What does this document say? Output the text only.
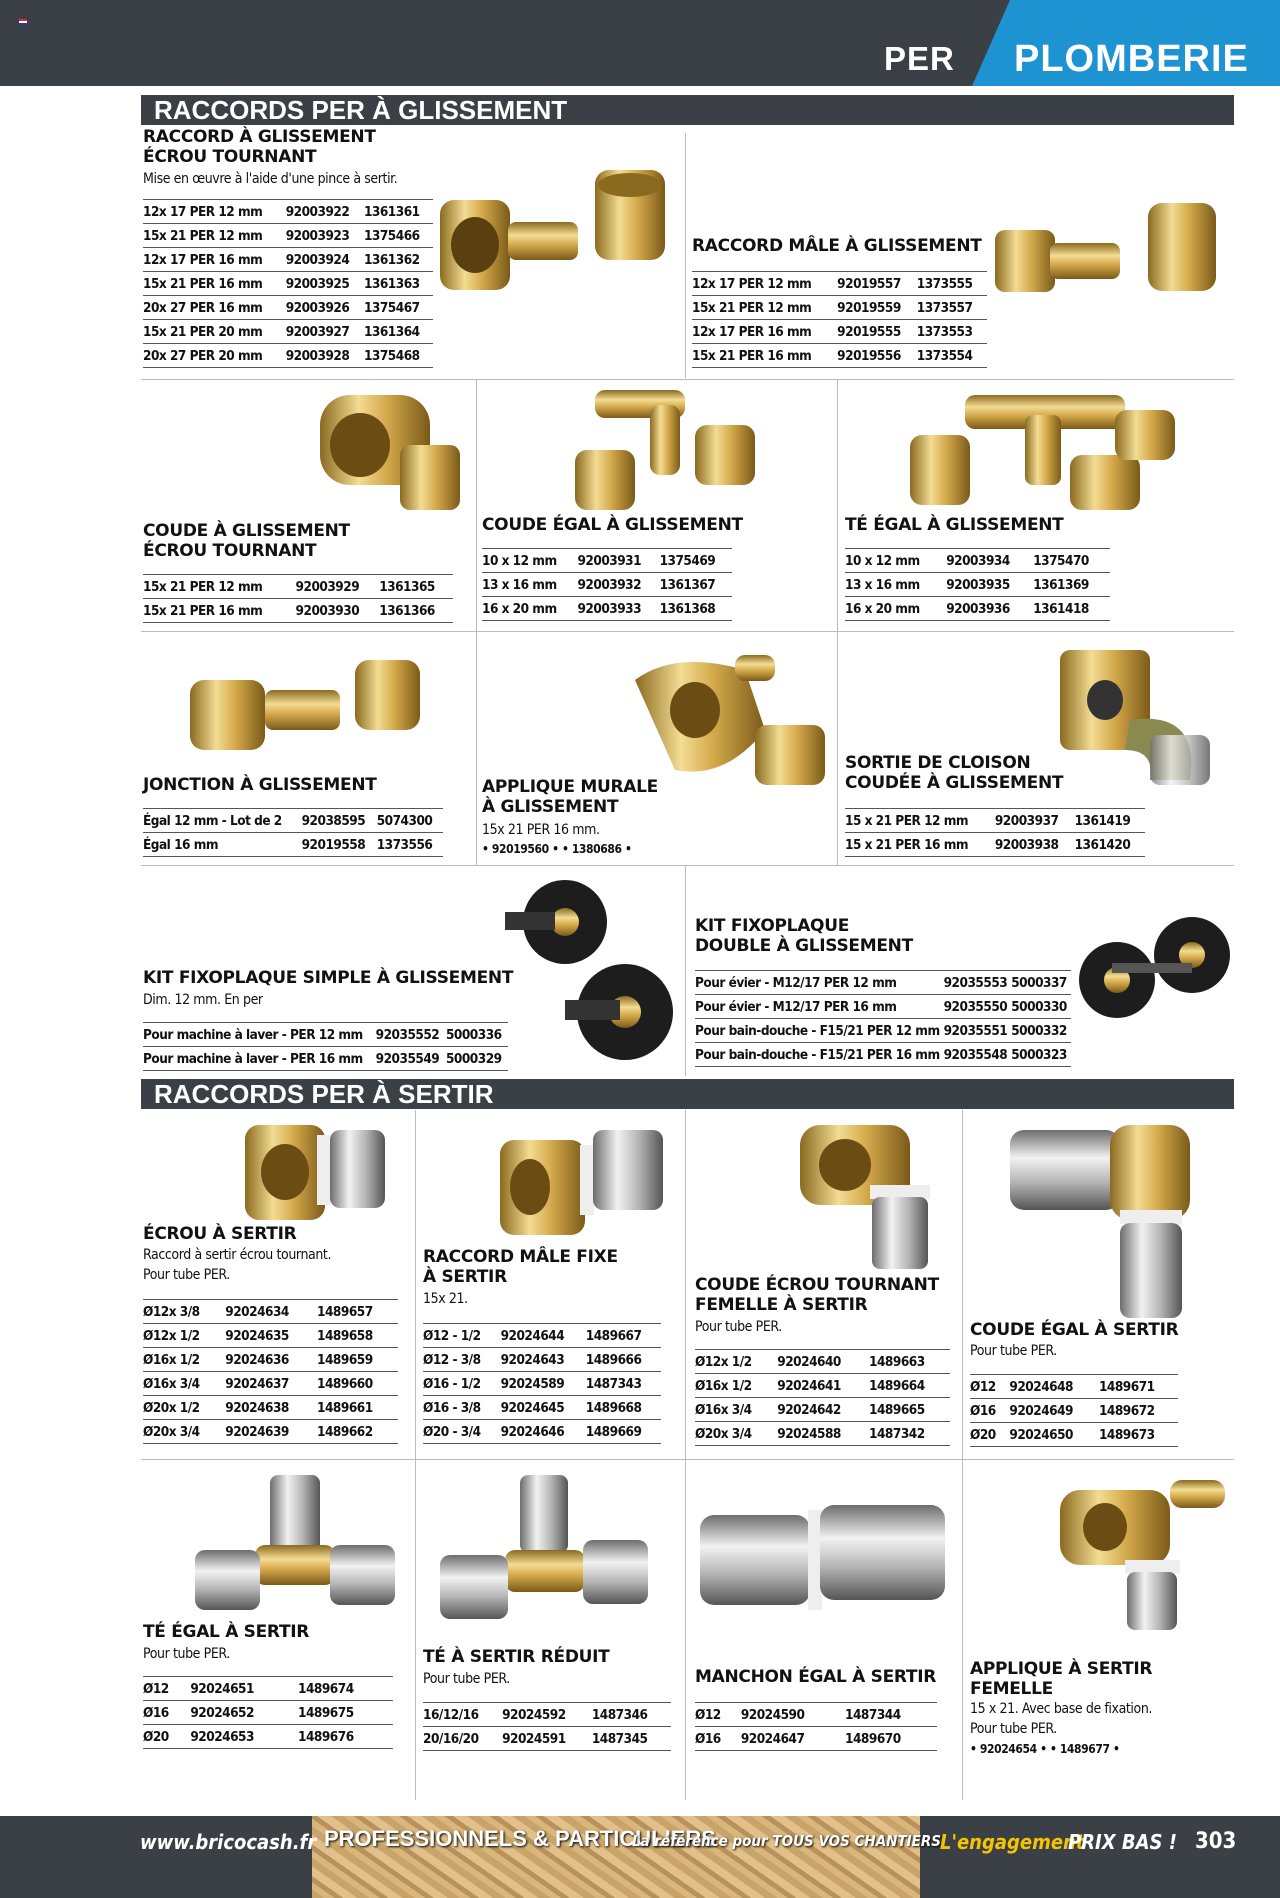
PER PLOMBERIE
RACCORDS PER À GLISSEMENT
RACCORDS PER À SERTIR
RACCORD À GLISSEMENT
ÉCROU TOURNANT
Mise en œuvre à l'aide d'une pince à sertir.
12x 17 PER 12 mm	92003922	1361361
15x 21 PER 12 mm	92003923	1375466
12x 17 PER 16 mm	92003924	1361362
15x 21 PER 16 mm	92003925	1361363
20x 27 PER 16 mm	92003926	1375467
15x 21 PER 20 mm	92003927	1361364
20x 27 PER 20 mm	92003928	1375468
RACCORD MÂLE À GLISSEMENT
12x 17 PER 12 mm	92019557	1373555
15x 21 PER 12 mm	92019559	1373557
12x 17 PER 16 mm	92019555	1373553
15x 21 PER 16 mm	92019556	1373554
COUDE À GLISSEMENT
ÉCROU TOURNANT
15x 21 PER 12 mm	92003929	1361365
15x 21 PER 16 mm	92003930	1361366
COUDE ÉGAL À GLISSEMENT
10 x 12 mm	92003931	1375469
13 x 16 mm	92003932	1361367
16 x 20 mm	92003933	1361368
TÉ ÉGAL À GLISSEMENT
10 x 12 mm	92003934	1375470
13 x 16 mm	92003935	1361369
16 x 20 mm	92003936	1361418
JONCTION À GLISSEMENT
Égal 12 mm - Lot de 2	92038595	5074300
Égal 16 mm	92019558	1373556
APPLIQUE MURALE
À GLISSEMENT
15x 21 PER 16 mm.
• 92019560 • • 1380686 •
SORTIE DE CLOISON
COUDÉE À GLISSEMENT
15 x 21 PER 12 mm	92003937	1361419
15 x 21 PER 16 mm	92003938	1361420
KIT FIXOPLAQUE SIMPLE À GLISSEMENT
Dim. 12 mm. En per
Pour machine à laver - PER 12 mm	92035552	5000336
Pour machine à laver - PER 16 mm	92035549	5000329
KIT FIXOPLAQUE
DOUBLE À GLISSEMENT
Pour évier - M12/17 PER 12 mm	92035553	5000337
Pour évier - M12/17 PER 16 mm	92035550	5000330
Pour bain-douche - F15/21 PER 12 mm	92035551	5000332
Pour bain-douche - F15/21 PER 16 mm	92035548	5000323
ÉCROU À SERTIR
Raccord à sertir écrou tournant.
Pour tube PER.
Ø12x 3/8	92024634	1489657
Ø12x 1/2	92024635	1489658
Ø16x 1/2	92024636	1489659
Ø16x 3/4	92024637	1489660
Ø20x 1/2	92024638	1489661
Ø20x 3/4	92024639	1489662
RACCORD MÂLE FIXE
À SERTIR
15x 21.
Ø12 - 1/2	92024644	1489667
Ø12 - 3/8	92024643	1489666
Ø16 - 1/2	92024589	1487343
Ø16 - 3/8	92024645	1489668
Ø20 - 3/4	92024646	1489669
COUDE ÉCROU TOURNANT
FEMELLE À SERTIR
Pour tube PER.
Ø12x 1/2	92024640	1489663
Ø16x 1/2	92024641	1489664
Ø16x 3/4	92024642	1489665
Ø20x 3/4	92024588	1487342
COUDE ÉGAL À SERTIR
Pour tube PER.
Ø12	92024648	1489671
Ø16	92024649	1489672
Ø20	92024650	1489673
TÉ ÉGAL À SERTIR
Pour tube PER.
Ø12	92024651	1489674
Ø16	92024652	1489675
Ø20	92024653	1489676
TÉ À SERTIR RÉDUIT
Pour tube PER.
16/12/16	92024592	1487346
20/16/20	92024591	1487345
MANCHON ÉGAL À SERTIR
Ø12	92024590	1487344
Ø16	92024647	1489670
APPLIQUE À SERTIR
FEMELLE
15 x 21. Avec base de fixation.
Pour tube PER.
• 92024654 • • 1489677 •
www.bricocash.fr PROFESSIONNELS & PARTICULIERS
La référence pour TOUS VOS CHANTIERS
L'engagement
PRIX BAS ! 303
